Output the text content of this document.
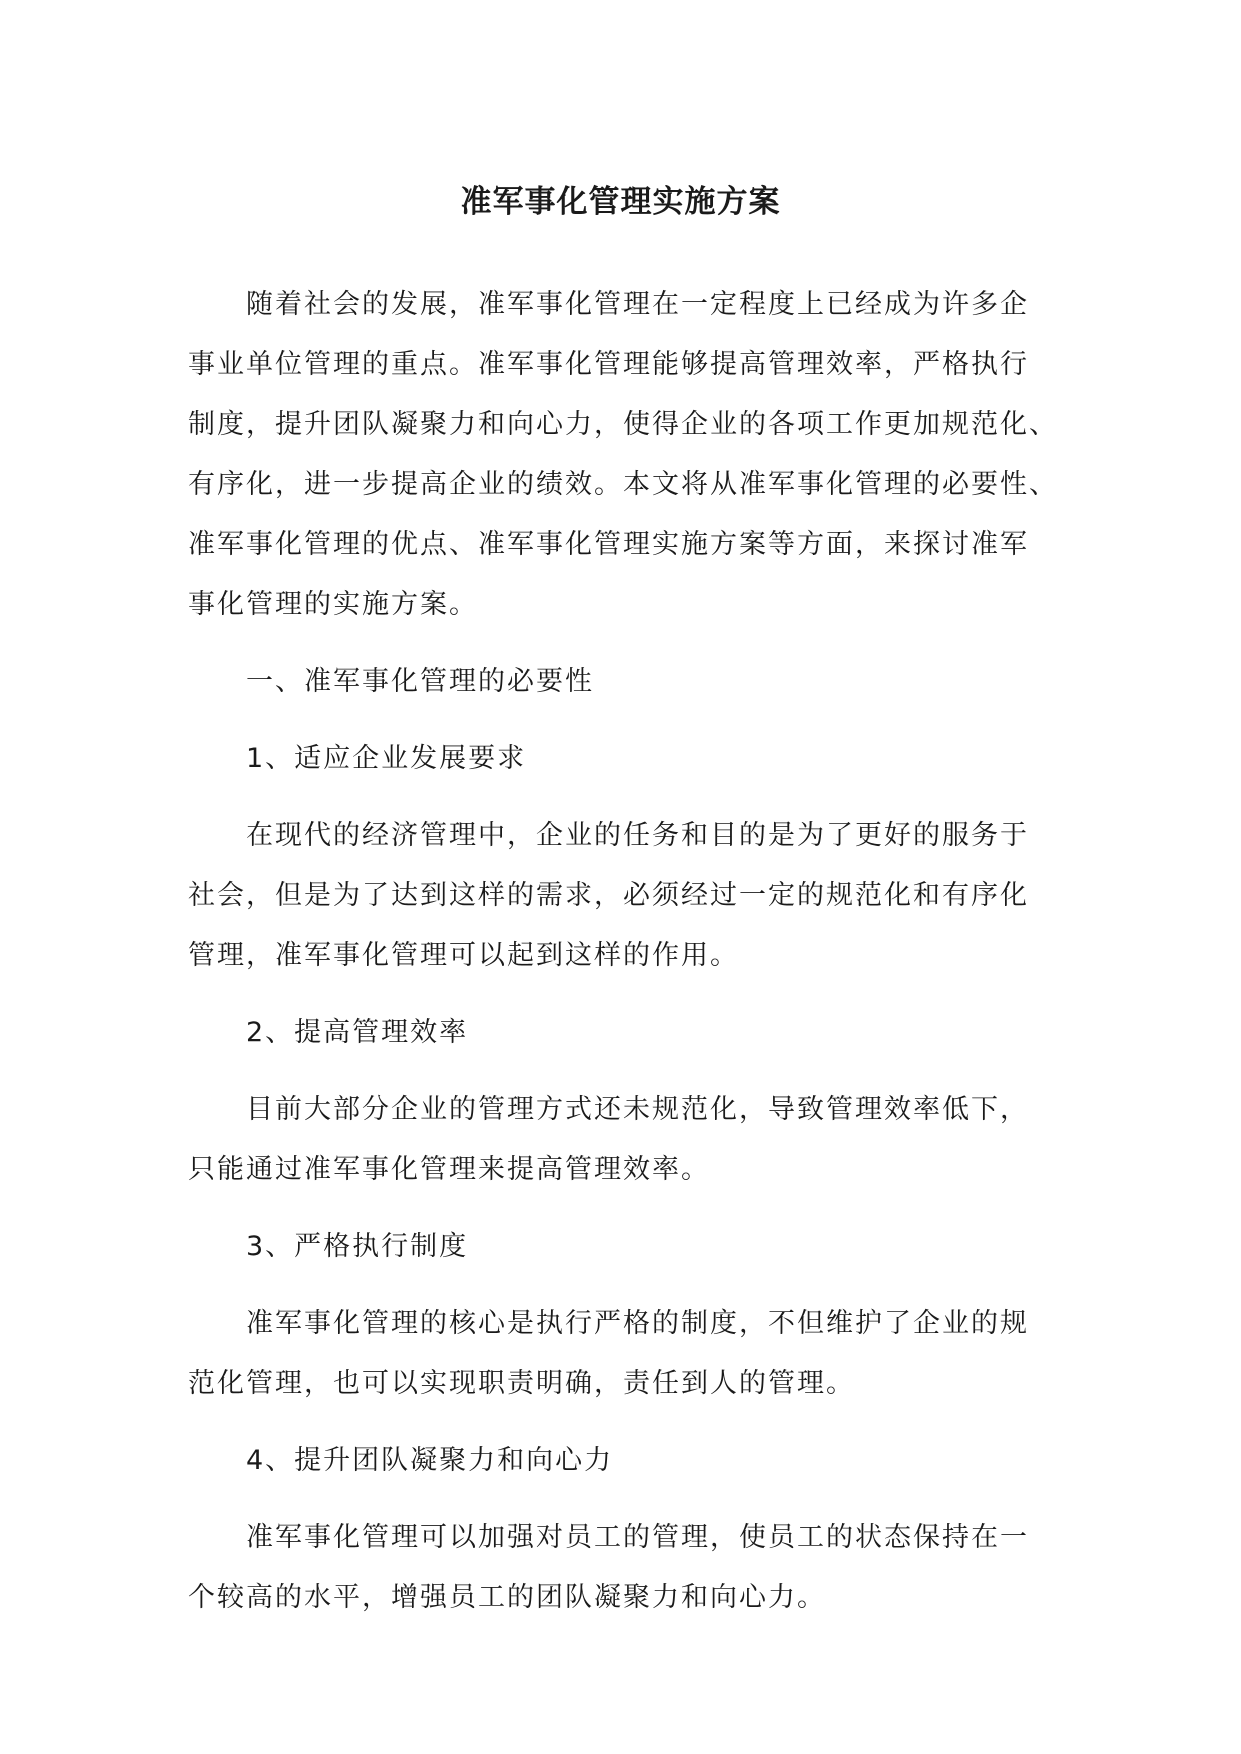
准军事化管理实施方案

随着社会的发展，准军事化管理在一定程度上已经成为许多企
事业单位管理的重点。准军事化管理能够提高管理效率，严格执行
制度，提升团队凝聚力和向心力，使得企业的各项工作更加规范化、
有序化，进一步提高企业的绩效。本文将从准军事化管理的必要性、
准军事化管理的优点、准军事化管理实施方案等方面，来探讨准军
事化管理的实施方案。

一、准军事化管理的必要性

1、适应企业发展要求

在现代的经济管理中，企业的任务和目的是为了更好的服务于
社会，但是为了达到这样的需求，必须经过一定的规范化和有序化
管理，准军事化管理可以起到这样的作用。

2、提高管理效率

目前大部分企业的管理方式还未规范化，导致管理效率低下，
只能通过准军事化管理来提高管理效率。

3、严格执行制度

准军事化管理的核心是执行严格的制度，不但维护了企业的规
范化管理，也可以实现职责明确，责任到人的管理。

4、提升团队凝聚力和向心力

准军事化管理可以加强对员工的管理，使员工的状态保持在一
个较高的水平，增强员工的团队凝聚力和向心力。
